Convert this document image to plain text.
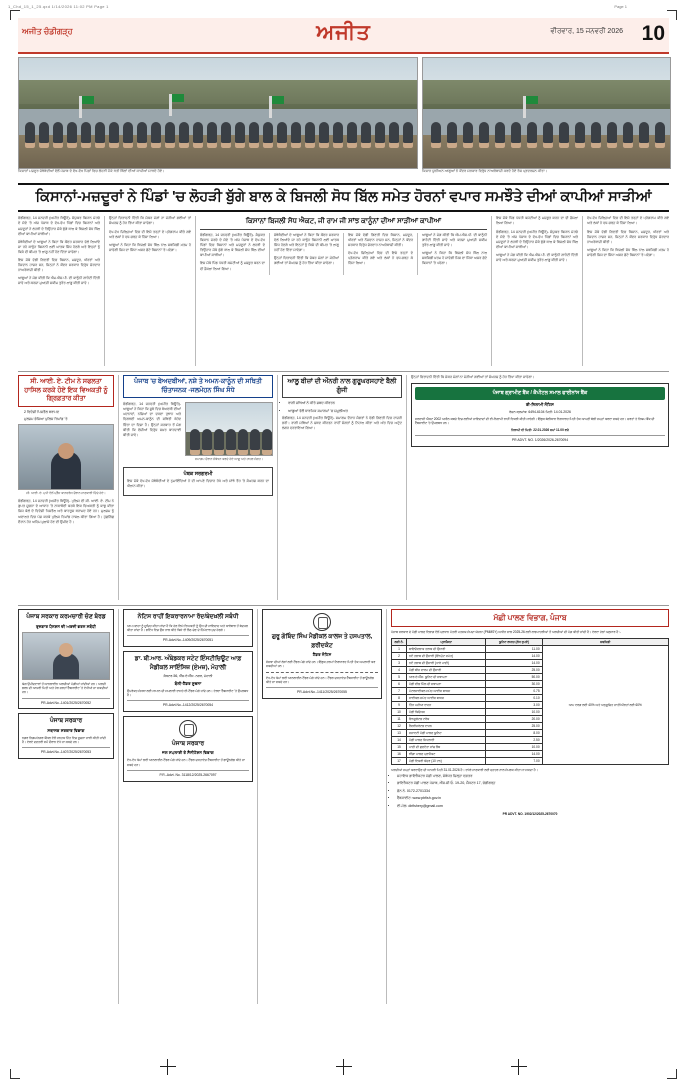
1_Chd_15_1_25.qxd 1/14/2026 11:02 PM Page 1	Page 1
ਅਜੀਤ ਚੰਡੀਗੜ੍ਹ	ਅਜੀਤ	ਵੀਰਵਾਰ, 15 ਜਨਵਰੀ 2026 10
ਕਿਸਾਨਾਂ ਮਜ਼ਦੂਰ ਜੱਥੇਬੰਦੀਆਂ ਵੱਲੋਂ ਪੰਜਾਬ ਦੇ ਵੱਖ-ਵੱਖ ਪਿੰਡਾਂ ਵਿਚ ਲੋਹੜੀ ਮੌਕੇ ਖੇਤੀ ਬਿੱਲਾਂ ਦੀਆਂ ਕਾਪੀਆਂ ਸਾੜਦੇ ਹੋਏ।	ਕਿਸਾਨ ਯੂਨੀਅਨ ਆਗੂਆਂ ਨੇ ਕੇਂਦਰ ਸਰਕਾਰ ਵਿਰੁੱਧ ਨਾਅਰੇਬਾਜ਼ੀ ਕਰਦੇ ਹੋਏ ਰੋਸ ਪ੍ਰਦਰਸ਼ਨ ਕੀਤਾ।
ਕਿਸਾਨਾਂ-ਮਜ਼ਦੂਰਾਂ ਨੇ ਪਿੰਡਾਂ 'ਚ ਲੋਹੜੀ ਬੁੱਗੇ ਬਾਲ ਕੇ ਬਿਜਲੀ ਸੋਧ ਬਿੱਲ ਸਮੇਤ ਹੋਰਨਾਂ ਵਪਾਰ ਸਮਝੌਤੇ ਦੀਆਂ ਕਾਪੀਆਂ ਸਾੜੀਆਂ

ਚੰਡੀਗੜ੍ਹ, 14 ਜਨਵਰੀ (ਅਜੀਤ ਬਿਊਰੋ)- ਸੰਯੁਕਤ ਕਿਸਾਨ ਮੋਰਚੇ ਦੇ ਸੱਦੇ 'ਤੇ ਅੱਜ ਪੰਜਾਬ ਦੇ ਵੱਖ-ਵੱਖ ਪਿੰਡਾਂ ਵਿਚ ਕਿਸਾਨਾਂ ਅਤੇ ਮਜ਼ਦੂਰਾਂ ਨੇ ਲੋਹੜੀ ਦੇ ਤਿਉਹਾਰ ਮੌਕੇ ਬੁੱਗੇ ਬਾਲ ਕੇ ਬਿਜਲੀ ਸੋਧ ਬਿੱਲ ਦੀਆਂ ਕਾਪੀਆਂ ਸਾੜੀਆਂ।

ਜੱਥੇਬੰਦੀਆਂ ਦੇ ਆਗੂਆਂ ਨੇ ਕਿਹਾ ਕਿ ਕੇਂਦਰ ਸਰਕਾਰ ਵੱਲੋਂ ਲਿਆਂਦੇ ਜਾ ਰਹੇ ਕਾਨੂੰਨ ਕਿਸਾਨੀ ਲਈ ਘਾਤਕ ਸਿੱਧ ਹੋਣਗੇ ਅਤੇ ਇਨ੍ਹਾਂ ਨੂੰ ਕਿਸੇ ਵੀ ਕੀਮਤ 'ਤੇ ਲਾਗੂ ਨਹੀਂ ਹੋਣ ਦਿੱਤਾ ਜਾਵੇਗਾ।

ਇਸ ਮੌਕੇ ਵੱਡੀ ਗਿਣਤੀ ਵਿਚ ਕਿਸਾਨ, ਮਜ਼ਦੂਰ, ਔਰਤਾਂ ਅਤੇ ਨੌਜਵਾਨ ਹਾਜ਼ਰ ਸਨ, ਜਿਨ੍ਹਾਂ ਨੇ ਕੇਂਦਰ ਸਰਕਾਰ ਵਿਰੁੱਧ ਜ਼ੋਰਦਾਰ ਨਾਅਰੇਬਾਜ਼ੀ ਕੀਤੀ।

ਆਗੂਆਂ ਨੇ ਮੰਗ ਕੀਤੀ ਕਿ ਐਮ.ਐਸ.ਪੀ. ਦੀ ਕਾਨੂੰਨੀ ਗਾਰੰਟੀ ਦਿੱਤੀ ਜਾਵੇ ਅਤੇ ਕਰਜ਼ਾ ਮੁਆਫ਼ੀ ਸਕੀਮ ਤੁਰੰਤ ਲਾਗੂ ਕੀਤੀ ਜਾਵੇ।

ਉਨ੍ਹਾਂ ਚਿਤਾਵਨੀ ਦਿੱਤੀ ਕਿ ਜੇਕਰ ਮੰਗਾਂ ਨਾ ਮੰਨੀਆਂ ਗਈਆਂ ਤਾਂ ਸੰਘਰਸ਼ ਨੂੰ ਹੋਰ ਤਿੱਖਾ ਕੀਤਾ ਜਾਵੇਗਾ।

ਵੱਖ-ਵੱਖ ਜ਼ਿਲ੍ਹਿਆਂ ਵਿਚ ਵੀ ਇਸੇ ਤਰ੍ਹਾਂ ਦੇ ਪ੍ਰੋਗਰਾਮ ਕੀਤੇ ਗਏ ਅਤੇ ਲੋਕਾਂ ਨੇ ਵਧ-ਚੜ੍ਹ ਕੇ ਹਿੱਸਾ ਲਿਆ।

ਆਗੂਆਂ ਨੇ ਕਿਹਾ ਕਿ ਬਿਜਲੀ ਸੋਧ ਬਿੱਲ ਨਾਲ ਸਬਸਿਡੀ ਖ਼ਤਮ ਹੋ ਜਾਵੇਗੀ ਜਿਸ ਦਾ ਸਿੱਧਾ ਅਸਰ ਛੋਟੇ ਕਿਸਾਨਾਂ 'ਤੇ ਪਵੇਗਾ।

ਕਿਸਾਨਾਂ ਬਿਜਲੀ ਸੋਧ ਐਕਟ, ਜੀ ਰਾਮ ਜੀ ਸਾਂਝ ਕਾਨੂੰਨਾਂ ਦੀਆਂ ਸਾੜੀਆਂ ਕਾਪੀਆਂ

ਚੰਡੀਗੜ੍ਹ, 14 ਜਨਵਰੀ (ਅਜੀਤ ਬਿਊਰੋ)- ਸੰਯੁਕਤ ਕਿਸਾਨ ਮੋਰਚੇ ਦੇ ਸੱਦੇ 'ਤੇ ਅੱਜ ਪੰਜਾਬ ਦੇ ਵੱਖ-ਵੱਖ ਪਿੰਡਾਂ ਵਿਚ ਕਿਸਾਨਾਂ ਅਤੇ ਮਜ਼ਦੂਰਾਂ ਨੇ ਲੋਹੜੀ ਦੇ ਤਿਉਹਾਰ ਮੌਕੇ ਬੁੱਗੇ ਬਾਲ ਕੇ ਬਿਜਲੀ ਸੋਧ ਬਿੱਲ ਦੀਆਂ ਕਾਪੀਆਂ ਸਾੜੀਆਂ।

ਇਸ ਮੌਕੇ ਪਿੰਡ ਪੱਧਰੀ ਕਮੇਟੀਆਂ ਨੂੰ ਮਜ਼ਬੂਤ ਕਰਨ ਦਾ ਵੀ ਫ਼ੈਸਲਾ ਲਿਆ ਗਿਆ।

ਜੱਥੇਬੰਦੀਆਂ ਦੇ ਆਗੂਆਂ ਨੇ ਕਿਹਾ ਕਿ ਕੇਂਦਰ ਸਰਕਾਰ ਵੱਲੋਂ ਲਿਆਂਦੇ ਜਾ ਰਹੇ ਕਾਨੂੰਨ ਕਿਸਾਨੀ ਲਈ ਘਾਤਕ ਸਿੱਧ ਹੋਣਗੇ ਅਤੇ ਇਨ੍ਹਾਂ ਨੂੰ ਕਿਸੇ ਵੀ ਕੀਮਤ 'ਤੇ ਲਾਗੂ ਨਹੀਂ ਹੋਣ ਦਿੱਤਾ ਜਾਵੇਗਾ।

ਉਨ੍ਹਾਂ ਚਿਤਾਵਨੀ ਦਿੱਤੀ ਕਿ ਜੇਕਰ ਮੰਗਾਂ ਨਾ ਮੰਨੀਆਂ ਗਈਆਂ ਤਾਂ ਸੰਘਰਸ਼ ਨੂੰ ਹੋਰ ਤਿੱਖਾ ਕੀਤਾ ਜਾਵੇਗਾ।

ਇਸ ਮੌਕੇ ਵੱਡੀ ਗਿਣਤੀ ਵਿਚ ਕਿਸਾਨ, ਮਜ਼ਦੂਰ, ਔਰਤਾਂ ਅਤੇ ਨੌਜਵਾਨ ਹਾਜ਼ਰ ਸਨ, ਜਿਨ੍ਹਾਂ ਨੇ ਕੇਂਦਰ ਸਰਕਾਰ ਵਿਰੁੱਧ ਜ਼ੋਰਦਾਰ ਨਾਅਰੇਬਾਜ਼ੀ ਕੀਤੀ।

ਵੱਖ-ਵੱਖ ਜ਼ਿਲ੍ਹਿਆਂ ਵਿਚ ਵੀ ਇਸੇ ਤਰ੍ਹਾਂ ਦੇ ਪ੍ਰੋਗਰਾਮ ਕੀਤੇ ਗਏ ਅਤੇ ਲੋਕਾਂ ਨੇ ਵਧ-ਚੜ੍ਹ ਕੇ ਹਿੱਸਾ ਲਿਆ।

ਆਗੂਆਂ ਨੇ ਮੰਗ ਕੀਤੀ ਕਿ ਐਮ.ਐਸ.ਪੀ. ਦੀ ਕਾਨੂੰਨੀ ਗਾਰੰਟੀ ਦਿੱਤੀ ਜਾਵੇ ਅਤੇ ਕਰਜ਼ਾ ਮੁਆਫ਼ੀ ਸਕੀਮ ਤੁਰੰਤ ਲਾਗੂ ਕੀਤੀ ਜਾਵੇ।

ਆਗੂਆਂ ਨੇ ਕਿਹਾ ਕਿ ਬਿਜਲੀ ਸੋਧ ਬਿੱਲ ਨਾਲ ਸਬਸਿਡੀ ਖ਼ਤਮ ਹੋ ਜਾਵੇਗੀ ਜਿਸ ਦਾ ਸਿੱਧਾ ਅਸਰ ਛੋਟੇ ਕਿਸਾਨਾਂ 'ਤੇ ਪਵੇਗਾ।

ਇਸ ਮੌਕੇ ਪਿੰਡ ਪੱਧਰੀ ਕਮੇਟੀਆਂ ਨੂੰ ਮਜ਼ਬੂਤ ਕਰਨ ਦਾ ਵੀ ਫ਼ੈਸਲਾ ਲਿਆ ਗਿਆ।

ਚੰਡੀਗੜ੍ਹ, 14 ਜਨਵਰੀ (ਅਜੀਤ ਬਿਊਰੋ)- ਸੰਯੁਕਤ ਕਿਸਾਨ ਮੋਰਚੇ ਦੇ ਸੱਦੇ 'ਤੇ ਅੱਜ ਪੰਜਾਬ ਦੇ ਵੱਖ-ਵੱਖ ਪਿੰਡਾਂ ਵਿਚ ਕਿਸਾਨਾਂ ਅਤੇ ਮਜ਼ਦੂਰਾਂ ਨੇ ਲੋਹੜੀ ਦੇ ਤਿਉਹਾਰ ਮੌਕੇ ਬੁੱਗੇ ਬਾਲ ਕੇ ਬਿਜਲੀ ਸੋਧ ਬਿੱਲ ਦੀਆਂ ਕਾਪੀਆਂ ਸਾੜੀਆਂ।

ਆਗੂਆਂ ਨੇ ਮੰਗ ਕੀਤੀ ਕਿ ਐਮ.ਐਸ.ਪੀ. ਦੀ ਕਾਨੂੰਨੀ ਗਾਰੰਟੀ ਦਿੱਤੀ ਜਾਵੇ ਅਤੇ ਕਰਜ਼ਾ ਮੁਆਫ਼ੀ ਸਕੀਮ ਤੁਰੰਤ ਲਾਗੂ ਕੀਤੀ ਜਾਵੇ।

ਵੱਖ-ਵੱਖ ਜ਼ਿਲ੍ਹਿਆਂ ਵਿਚ ਵੀ ਇਸੇ ਤਰ੍ਹਾਂ ਦੇ ਪ੍ਰੋਗਰਾਮ ਕੀਤੇ ਗਏ ਅਤੇ ਲੋਕਾਂ ਨੇ ਵਧ-ਚੜ੍ਹ ਕੇ ਹਿੱਸਾ ਲਿਆ।

ਇਸ ਮੌਕੇ ਵੱਡੀ ਗਿਣਤੀ ਵਿਚ ਕਿਸਾਨ, ਮਜ਼ਦੂਰ, ਔਰਤਾਂ ਅਤੇ ਨੌਜਵਾਨ ਹਾਜ਼ਰ ਸਨ, ਜਿਨ੍ਹਾਂ ਨੇ ਕੇਂਦਰ ਸਰਕਾਰ ਵਿਰੁੱਧ ਜ਼ੋਰਦਾਰ ਨਾਅਰੇਬਾਜ਼ੀ ਕੀਤੀ।

ਆਗੂਆਂ ਨੇ ਕਿਹਾ ਕਿ ਬਿਜਲੀ ਸੋਧ ਬਿੱਲ ਨਾਲ ਸਬਸਿਡੀ ਖ਼ਤਮ ਹੋ ਜਾਵੇਗੀ ਜਿਸ ਦਾ ਸਿੱਧਾ ਅਸਰ ਛੋਟੇ ਕਿਸਾਨਾਂ 'ਤੇ ਪਵੇਗਾ।

ਸੀ. ਆਈ. ਏ. ਟੀਮ ਨੇ ਸਫਲਤਾ ਹਾਸਿਲ ਕਰਕੇ ਹੋਏ ਇਕ ਵਿਅਕਤੀ ਨੂੰ ਗ੍ਰਿਫ਼ਤਾਰ ਕੀਤਾ
• 2 ਵਿਦੇਸ਼ੀ ਪਿਸਤੌਲ ਬਰਾਮਦ
• ਮੁਲਜ਼ਮ ਭੇਜਿਆ ਪੁਲਿਸ ਰਿਮਾਂਡ 'ਤੇ
ਸੀ. ਆਈ. ਏ. ਮੁਖੀ ਵੱਲੋਂ ਪ੍ਰੈੱਸ ਕਾਨਫਰੰਸ ਦੌਰਾਨ ਜਾਣਕਾਰੀ ਦਿੰਦੇ ਹੋਏ।

ਚੰਡੀਗੜ੍ਹ, 14 ਜਨਵਰੀ (ਅਜੀਤ ਬਿਊਰੋ)- ਪੁਲਿਸ ਦੀ ਸੀ. ਆਈ. ਏ. ਟੀਮ ਨੇ ਗੁਪਤ ਸੂਚਨਾ ਦੇ ਆਧਾਰ 'ਤੇ ਨਾਕਾਬੰਦੀ ਕਰਕੇ ਇਕ ਵਿਅਕਤੀ ਨੂੰ ਕਾਬੂ ਕੀਤਾ ਜਿਸ ਕੋਲੋਂ ਦੋ ਵਿਦੇਸ਼ੀ ਪਿਸਤੌਲ ਅਤੇ ਕਾਰਤੂਸ ਬਰਾਮਦ ਹੋਏ ਹਨ। ਮੁਲਜ਼ਮ ਨੂੰ ਅਦਾਲਤ ਵਿਚ ਪੇਸ਼ ਕਰਕੇ ਪੁਲਿਸ ਰਿਮਾਂਡ ਹਾਸਲ ਕੀਤਾ ਗਿਆ ਹੈ। ਪੁੱਛਗਿੱਛ ਦੌਰਾਨ ਹੋਰ ਅਹਿਮ ਖ਼ੁਲਾਸੇ ਹੋਣ ਦੀ ਉਮੀਦ ਹੈ।

ਪੰਜਾਬ 'ਚ ਬੇਅਦਬੀਆਂ, ਨਸ਼ੇ ਤੇ ਅਮਨ-ਕਾਨੂੰਨ ਦੀ ਸਥਿਤੀ ਚਿੰਤਾਜਨਕ -ਜਲਮੋਹਨ ਸਿੰਘ ਸੰਧੇ

ਚੰਡੀਗੜ੍ਹ, 14 ਜਨਵਰੀ (ਅਜੀਤ ਬਿਊਰੋ)- ਆਗੂਆਂ ਨੇ ਕਿਹਾ ਕਿ ਸੂਬੇ ਵਿਚ ਬੇਅਦਬੀ ਦੀਆਂ ਘਟਨਾਵਾਂ, ਨਸ਼ਿਆਂ ਦਾ ਵਧਦਾ ਰੁਝਾਨ ਅਤੇ ਵਿਗੜਦੀ ਅਮਨ-ਕਾਨੂੰਨ ਦੀ ਸਥਿਤੀ ਬੇਹੱਦ ਚਿੰਤਾ ਦਾ ਵਿਸ਼ਾ ਹੈ। ਉਨ੍ਹਾਂ ਸਰਕਾਰ ਤੋਂ ਮੰਗ ਕੀਤੀ ਕਿ ਦੋਸ਼ੀਆਂ ਵਿਰੁੱਧ ਸਖ਼ਤ ਕਾਰਵਾਈ ਕੀਤੀ ਜਾਵੇ।

ਸਮਾਗਮ ਦੌਰਾਨ ਸੰਬੋਧਨ ਕਰਦੇ ਹੋਏ ਆਗੂ ਅਤੇ ਹਾਜ਼ਰ ਸੰਗਤ।
ਪੰਥਕ ਸਰਗਰਮੀ

ਇਸ ਮੌਕੇ ਵੱਖ-ਵੱਖ ਜੱਥੇਬੰਦੀਆਂ ਦੇ ਨੁਮਾਇੰਦਿਆਂ ਨੇ ਵੀ ਆਪਣੇ ਵਿਚਾਰ ਰੱਖੇ ਅਤੇ ਸਾਂਝੇ ਤੌਰ 'ਤੇ ਸੰਘਰਸ਼ ਕਰਨ ਦਾ ਐਲਾਨ ਕੀਤਾ।

ਆਲੂ ਬੀਜ਼ਾਂ ਦੀ ਔਨਰੀ ਨਾਲ ਗੁਰੂਘਰਸਹਾਏ ਬੈਲੀ ਗੁੰਜੀ
• ਰਾਗੀ ਜਥਿਆਂ ਨੇ ਕੀਤੇ ਸ਼ਬਦ ਕੀਰਤਨ
• ਆਗੂਆਂ ਵੱਲੋਂ ਧਾਰਮਿਕ ਸਮਾਗਮਾਂ 'ਚ ਸ਼ਮੂਲੀਅਤ

ਚੰਡੀਗੜ੍ਹ, 14 ਜਨਵਰੀ (ਅਜੀਤ ਬਿਊਰੋ)- ਸਮਾਗਮ ਦੌਰਾਨ ਸੰਗਤਾਂ ਨੇ ਵੱਡੀ ਗਿਣਤੀ ਵਿਚ ਹਾਜ਼ਰੀ ਭਰੀ। ਰਾਗੀ ਜਥਿਆਂ ਨੇ ਸ਼ਬਦ ਕੀਰਤਨ ਰਾਹੀਂ ਸੰਗਤਾਂ ਨੂੰ ਨਿਹਾਲ ਕੀਤਾ ਅਤੇ ਅੰਤ ਵਿਚ ਅਟੁੱਟ ਲੰਗਰ ਵਰਤਾਇਆ ਗਿਆ।

ਉਨ੍ਹਾਂ ਚਿਤਾਵਨੀ ਦਿੱਤੀ ਕਿ ਜੇਕਰ ਮੰਗਾਂ ਨਾ ਮੰਨੀਆਂ ਗਈਆਂ ਤਾਂ ਸੰਘਰਸ਼ ਨੂੰ ਹੋਰ ਤਿੱਖਾ ਕੀਤਾ ਜਾਵੇਗਾ।

ਪੰਜਾਬ ਗ੍ਰਾਮੀਣ ਬੈਂਕ / ਕੈਪੀਟਲ ਸਮਾਲ ਫਾਈਨਾਂਸ ਬੈਂਕ
ਈ-ਨਿਲਾਮੀ ਨੋਟਿਸ
ਰੋਜ਼ਨ ਕ੍ਰਮਾਂਕ: 6494-6104 ਮਿਤੀ: 14.01.2026
ਸਰਫਾਸੀ ਐਕਟ 2002 ਅਧੀਨ ਕਬਜ਼ੇ ਵਿਚ ਲਈਆਂ ਜਾਇਦਾਦਾਂ ਦੀ ਈ-ਨਿਲਾਮੀ ਰਾਹੀਂ ਵਿਕਰੀ ਕੀਤੀ ਜਾਵੇਗੀ। ਇੱਛੁਕ ਬੋਲੀਕਾਰ ਨਿਰਧਾਰਤ ਮਿਤੀ ਤੱਕ ਆਪਣੀ ਬੋਲੀ ਜਮ੍ਹਾਂ ਕਰਵਾ ਸਕਦੇ ਹਨ। ਸ਼ਰਤਾਂ ਤੇ ਨਿਯਮ ਬੈਂਕ ਦੀ ਵੈੱਬਸਾਈਟ 'ਤੇ ਉਪਲਬਧ ਹਨ।
ਨਿਲਾਮੀ ਦੀ ਮਿਤੀ: 22.01.2026 ਸਮਾਂ 11.00 ਵਜੇ
PR ADVT. NO. 1/2026/2026-2670094
ਪੰਜਾਬ ਸਰਕਾਰ ਕਰਮਚਾਰੀ ਚੋਣ ਬੋਰਡ
ਰੁਜ਼ਗਾਰ ਪੈਨਸ਼ਨ ਦੀ ਅਰਜ਼ੀ ਭਰਨ ਸਬੰਧੀ
ਯੋਗ ਉਮੀਦਵਾਰਾਂ ਤੋਂ ਆਨਲਾਈਨ ਅਰਜ਼ੀਆਂ ਮੰਗੀਆਂ ਜਾਂਦੀਆਂ ਹਨ। ਅਰਜ਼ੀ ਭਰਨ ਦੀ ਆਖ਼ਰੀ ਮਿਤੀ ਅਤੇ ਹੋਰ ਸ਼ਰਤਾਂ ਵੈੱਬਸਾਈਟ 'ਤੇ ਵੇਖੀਆਂ ਜਾ ਸਕਦੀਆਂ ਹਨ।
PR-Advt.No.-1401/2025/2670052
ਪੰਜਾਬ ਸਰਕਾਰ
ਸਥਾਨਕ ਸਰਕਾਰ ਵਿਭਾਗ
ਨਗਰ ਨਿਗਮ/ਨਗਰ ਕੌਂਸਲ ਵੱਲੋਂ ਜਨਤਕ ਹਿੱਤ ਵਿਚ ਸੂਚਨਾ ਜਾਰੀ ਕੀਤੀ ਜਾਂਦੀ ਹੈ। ਵੇਰਵੇ ਦਫ਼ਤਰੀ ਸਮੇਂ ਦੌਰਾਨ ਵੇਖੇ ਜਾ ਸਕਦੇ ਹਨ।
PR-Advt.No.-1407/2025/2670053
ਨੋਟਿਸ ਰਾਹੀਂ ਇਕਰਾਰਨਾਮਾ ਰੱਦ/ਬੇਦਖ਼ਲੀ ਸਬੰਧੀ
ਆਮ ਜਨਤਾ ਨੂੰ ਸੂਚਿਤ ਕੀਤਾ ਜਾਂਦਾ ਹੈ ਕਿ ਹੇਠ ਲਿਖੇ ਵਿਅਕਤੀ ਨੂੰ ਉਸ ਦੀ ਜਾਇਦਾਦ ਅਤੇ ਕਾਰੋਬਾਰ ਤੋਂ ਬੇਦਖ਼ਲ ਕੀਤਾ ਜਾਂਦਾ ਹੈ। ਭਵਿੱਖ ਵਿਚ ਉਸ ਨਾਲ ਕੀਤੇ ਕਿਸੇ ਵੀ ਲੈਣ-ਦੇਣ ਦੇ ਜ਼ਿੰਮੇਵਾਰ ਖ਼ੁਦ ਹੋਣਗੇ।
PR-Advt.No.-1409/2025/2670051
ਡਾ. ਬੀ.ਆਰ. ਅੰਬੇਡਕਰ ਸਟੇਟ ਇੰਸਟੀਚਿਊਟ ਆਫ਼ ਮੈਡੀਕਲ ਸਾਇੰਸਿਜ਼ (ਏਮਜ਼), ਮੋਹਾਲੀ
ਸੈਕਟਰ-56, ਐੱਸ.ਏ.ਐੱਸ. ਨਗਰ, ਮੋਹਾਲੀ
ਬੋਲੀ-ਟੈਂਡਰ ਸੂਚਨਾ
ਉਪਰੋਕਤ ਸੰਸਥਾ ਲਈ ਸਾਮਾਨ ਦੀ ਸਪਲਾਈ ਵਾਸਤੇ ਈ-ਟੈਂਡਰ ਮੰਗੇ ਜਾਂਦੇ ਹਨ। ਵੇਰਵਾ ਵੈੱਬਸਾਈਟ 'ਤੇ ਉਪਲਬਧ ਹੈ।
PR-Advt.No.-1412/2025/2670054
ਪੰਜਾਬ ਸਰਕਾਰ
ਜਲ ਸਪਲਾਈ ਤੇ ਸੈਨੀਟੇਸ਼ਨ ਵਿਭਾਗ
ਵੱਖ-ਵੱਖ ਕੰਮਾਂ ਲਈ ਆਨਲਾਈਨ ਟੈਂਡਰ ਮੰਗੇ ਜਾਂਦੇ ਹਨ। ਟੈਂਡਰ ਦਸਤਾਵੇਜ਼ ਵੈੱਬਸਾਈਟ ਤੋਂ ਡਾਊਨਲੋਡ ਕੀਤੇ ਜਾ ਸਕਦੇ ਹਨ।
P.R.-Advt. No. 3118/12/2025-2667097
ਗੁਰੂ ਗੋਬਿੰਦ ਸਿੰਘ ਮੈਡੀਕਲ ਕਾਲਜ ਤੇ ਹਸਪਤਾਲ, ਫ਼ਰੀਦਕੋਟ
ਟੈਂਡਰ ਨੋਟਿਸ
ਸੰਸਥਾ ਦੀਆਂ ਲੋੜਾਂ ਲਈ ਟੈਂਡਰ ਮੰਗੇ ਜਾਂਦੇ ਹਨ। ਇੱਛੁਕ ਫ਼ਰਮਾਂ ਨਿਰਧਾਰਤ ਮਿਤੀ ਤੱਕ ਅਪਲਾਈ ਕਰ ਸਕਦੀਆਂ ਹਨ।
ਵੱਖ-ਵੱਖ ਕੰਮਾਂ ਲਈ ਆਨਲਾਈਨ ਟੈਂਡਰ ਮੰਗੇ ਜਾਂਦੇ ਹਨ। ਟੈਂਡਰ ਦਸਤਾਵੇਜ਼ ਵੈੱਬਸਾਈਟ ਤੋਂ ਡਾਊਨਲੋਡ ਕੀਤੇ ਜਾ ਸਕਦੇ ਹਨ।
PR-Advt.No.-1411/2025/2670055
ਮੱਛੀ ਪਾਲਣ ਵਿਭਾਗ, ਪੰਜਾਬ
ਪੰਜਾਬ ਸਰਕਾਰ ਦੇ ਮੱਛੀ ਪਾਲਣ ਵਿਭਾਗ ਵੱਲੋਂ ਪ੍ਰਧਾਨ ਮੰਤਰੀ ਮਤਸਯ ਸੰਪਦਾ ਯੋਜਨਾ (PMMSY) ਅਧੀਨ ਸਾਲ 2025-26 ਲਈ ਲਾਭਪਾਤਰੀਆਂ ਤੋਂ ਅਰਜ਼ੀਆਂ ਦੀ ਮੰਗ ਕੀਤੀ ਜਾਂਦੀ ਹੈ। ਵੇਰਵਾ ਹੇਠਾਂ ਅਨੁਸਾਰ ਹੈ :-
ਲੜੀ ਨੰ.	ਪ੍ਰਾਜੈਕਟ	ਯੂਨਿਟ ਲਾਗਤ (ਲੱਖ ਰੁਪਏ)	ਸਬਸਿਡੀ
1	ਬਾਇਓਫਲਾਕ ਤਲਾਬ ਦੀ ਉਸਾਰੀ	11.00	ਆਮ ਵਰਗ ਲਈ 40% ਅਤੇ ਅਨੁਸੂਚਿਤ ਜਾਤੀ/ਔਰਤਾਂ ਲਈ 60%
2	ਨਵੇਂ ਤਲਾਬ ਦੀ ਉਸਾਰੀ (ਇੰਨਪੁੱਟ ਸਮੇਤ)	14.00	
3	ਨਵੇਂ ਤਲਾਬ ਦੀ ਉਸਾਰੀ (ਖਾਰੇ ਪਾਣੀ)	14.00	
4	ਮੱਛੀ ਬੀਜ ਫਾਰਮ ਦੀ ਉਸਾਰੀ	25.00	
5	ਆਰ.ਏ.ਐੱਸ. ਯੂਨਿਟ ਦੀ ਸਥਾਪਨਾ	50.00	
6	ਮੱਛੀ ਫੀਡ ਮਿੱਲ ਦੀ ਸਥਾਪਨਾ	30.00	
7	ਮੋਟਰਸਾਈਕਲ ਸਮੇਤ ਆਈਸ ਬਾਕਸ	0.75	
8	ਸਾਈਕਲ ਸਮੇਤ ਆਈਸ ਬਾਕਸ	0.10	
9	ਤਿੰਨ ਪਹੀਆ ਵਾਹਨ	3.00	
10	ਮੱਛੀ ਕਿਓਸਕ	10.00	
11	ਇਨਸੂਲੇਟਡ ਟਰੱਕ	20.00	
12	ਰੈਫਰੀਜਰੇਟਡ ਵਾਹਨ	25.00	
13	ਸਜਾਵਟੀ ਮੱਛੀ ਪਾਲਣ ਯੂਨਿਟ	8.00	
14	ਮੱਛੀ ਪਾਲਣ ਸਿਖਲਾਈ	2.50	
15	ਪਾਣੀ ਦੀ ਗੁਣਵੱਤਾ ਜਾਂਚ ਲੈਬ	10.00	
16	ਝੀਂਗਾ ਪਾਲਣ ਪ੍ਰਾਜੈਕਟ	14.00	
17	ਮੱਛੀ ਵਿਕਰੀ ਕੇਂਦਰ (10 ਟਨ)	7.00	
ਅਰਜ਼ੀਆਂ ਜਮ੍ਹਾਂ ਕਰਵਾਉਣ ਦੀ ਆਖ਼ਰੀ ਮਿਤੀ 31.01.2026 ਹੈ। ਵਧੇਰੇ ਜਾਣਕਾਰੀ ਲਈ ਦਫ਼ਤਰ ਨਾਲ ਸੰਪਰਕ ਕੀਤਾ ਜਾ ਸਕਦਾ ਹੈ।
• ਸਹਾਇਕ ਡਾਇਰੈਕਟਰ ਮੱਛੀ ਪਾਲਣ, ਸੰਬੰਧਤ ਜ਼ਿਲ੍ਹਾ ਦਫ਼ਤਰ
• ਡਾਇਰੈਕਟਰ ਮੱਛੀ ਪਾਲਣ ਪੰਜਾਬ, ਐੱਸ.ਸੀ.ਓ. 19-20, ਸੈਕਟਰ 17, ਚੰਡੀਗੜ੍ਹ
• ਫ਼ੋਨ ਨੰ. 0172-2701334
• ਵੈੱਬਸਾਈਟ: www.pbfish.gov.in
• ਈ-ਮੇਲ: dirfishery@gmail.com
PR ADVT. NO. 1902/12/2025-2670070
